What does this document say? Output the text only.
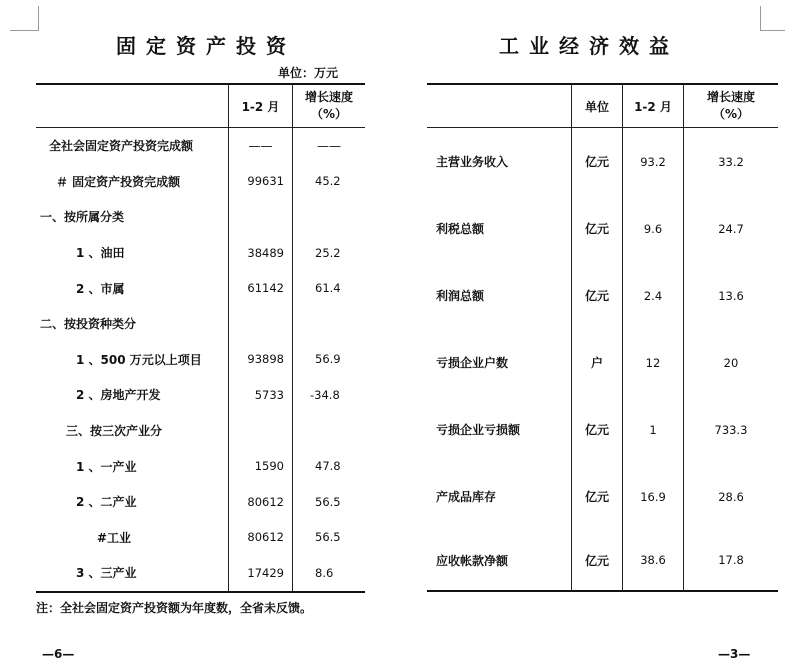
固定资产投资
单位：万元
	1-2 月	增长速度
（%）

全社会固定资产投资完成额	——	——
＃ 固定资产投资完成额	99631	45.2
一、按所属分类		
1 、油田	38489	25.2
2 、市属	61142	61.4
二、按投资种类分		
1 、500 万元以上项目	93898	56.9
2 、房地产开发	5733	-34.8
三、按三次产业分		
1 、一产业	1590	47.8
2 、二产业	80612	56.5
#工业	80612	56.5
3 、三产业	17429	8.6
注：全社会固定资产投资额为年度数，全省未反馈。
—6—
工业经济效益
	单位	1-2 月	增长速度
（%）

主营业务收入	亿元	93.2	33.2
利税总额	亿元	9.6	24.7
利润总额	亿元	2.4	13.6
亏损企业户数	户	12	20
亏损企业亏损额	亿元	1	733.3
产成品库存	亿元	16.9	28.6
应收帐款净额	亿元	38.6	17.8
—3—
